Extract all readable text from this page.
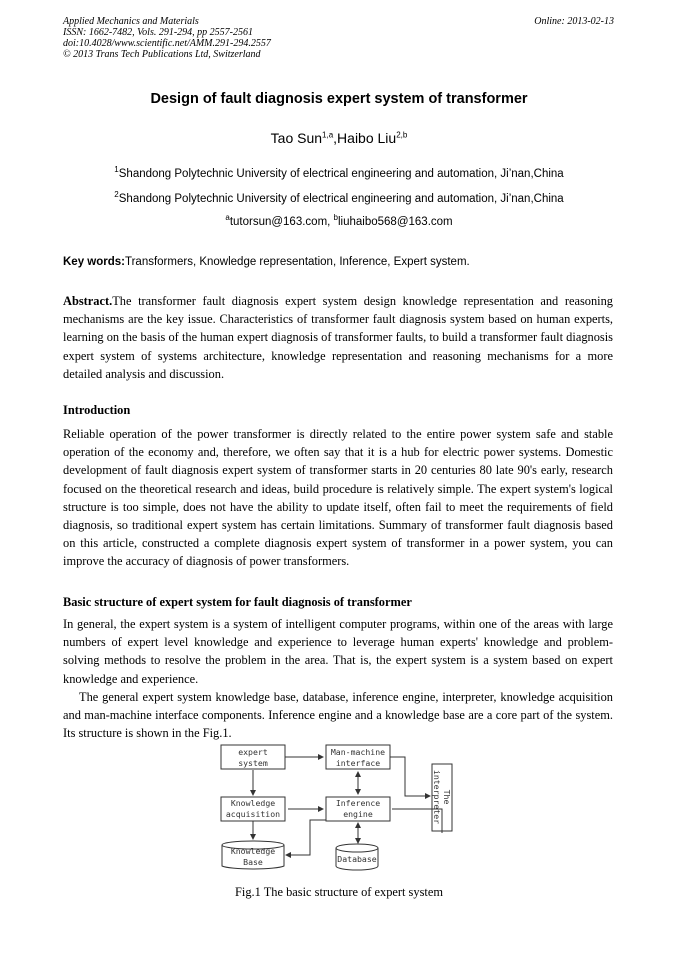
Applied Mechanics and Materials
ISSN: 1662-7482, Vols. 291-294, pp 2557-2561
doi:10.4028/www.scientific.net/AMM.291-294.2557
© 2013 Trans Tech Publications Ltd, Switzerland
Online: 2013-02-13
Design of fault diagnosis expert system of transformer
Tao Sun$^{1,a}$,Haibo Liu$^{2,b}$
$^1$Shandong Polytechnic University of electrical engineering and automation, Ji’nan,China
$^2$Shandong Polytechnic University of electrical engineering and automation, Ji’nan,China
$^a$tutorsun@163.com, $^b$liuhaibo568@163.com
Key words:Transformers, Knowledge representation, Inference, Expert system.
Abstract.The transformer fault diagnosis expert system design knowledge representation and reasoning mechanisms are the key issue. Characteristics of transformer fault diagnosis system based on human experts, learning on the basis of the human expert diagnosis of transformer faults, to build a transformer fault diagnosis expert system of systems architecture, knowledge representation and reasoning mechanisms for a more detailed analysis and discussion.
Introduction
Reliable operation of the power transformer is directly related to the entire power system safe and stable operation of the economy and, therefore, we often say that it is a hub for electric power systems. Domestic development of fault diagnosis expert system of transformer starts in 20 centuries 80 late 90's early, research focused on the theoretical research and ideas, build procedure is relatively simple. The expert system's logical structure is too simple, does not have the ability to update itself, often fail to meet the requirements of field diagnosis, so traditional expert system has certain limitations. Summary of transformer fault diagnosis based on this article, constructed a complete diagnosis expert system of transformer in a power system, you can improve the accuracy of diagnosis of power transformers.
Basic structure of expert system for fault diagnosis of transformer
In general, the expert system is a system of intelligent computer programs, within one of the areas with large numbers of expert level knowledge and experience to leverage human experts' knowledge and problem-solving methods to resolve the problem in the area. That is, the expert system is a system based on expert knowledge and experience.
The general expert system knowledge base, database, inference engine, interpreter, knowledge acquisition and man-machine interface components. Inference engine and a knowledge base are a core part of the system. Its structure is shown in the Fig.1.
expert
system
Man-machine
interface
Knowledge
acquisition
Inference
engine
Knowledge
Base	Database
The
interpreter
Fig.1 The basic structure of expert system
